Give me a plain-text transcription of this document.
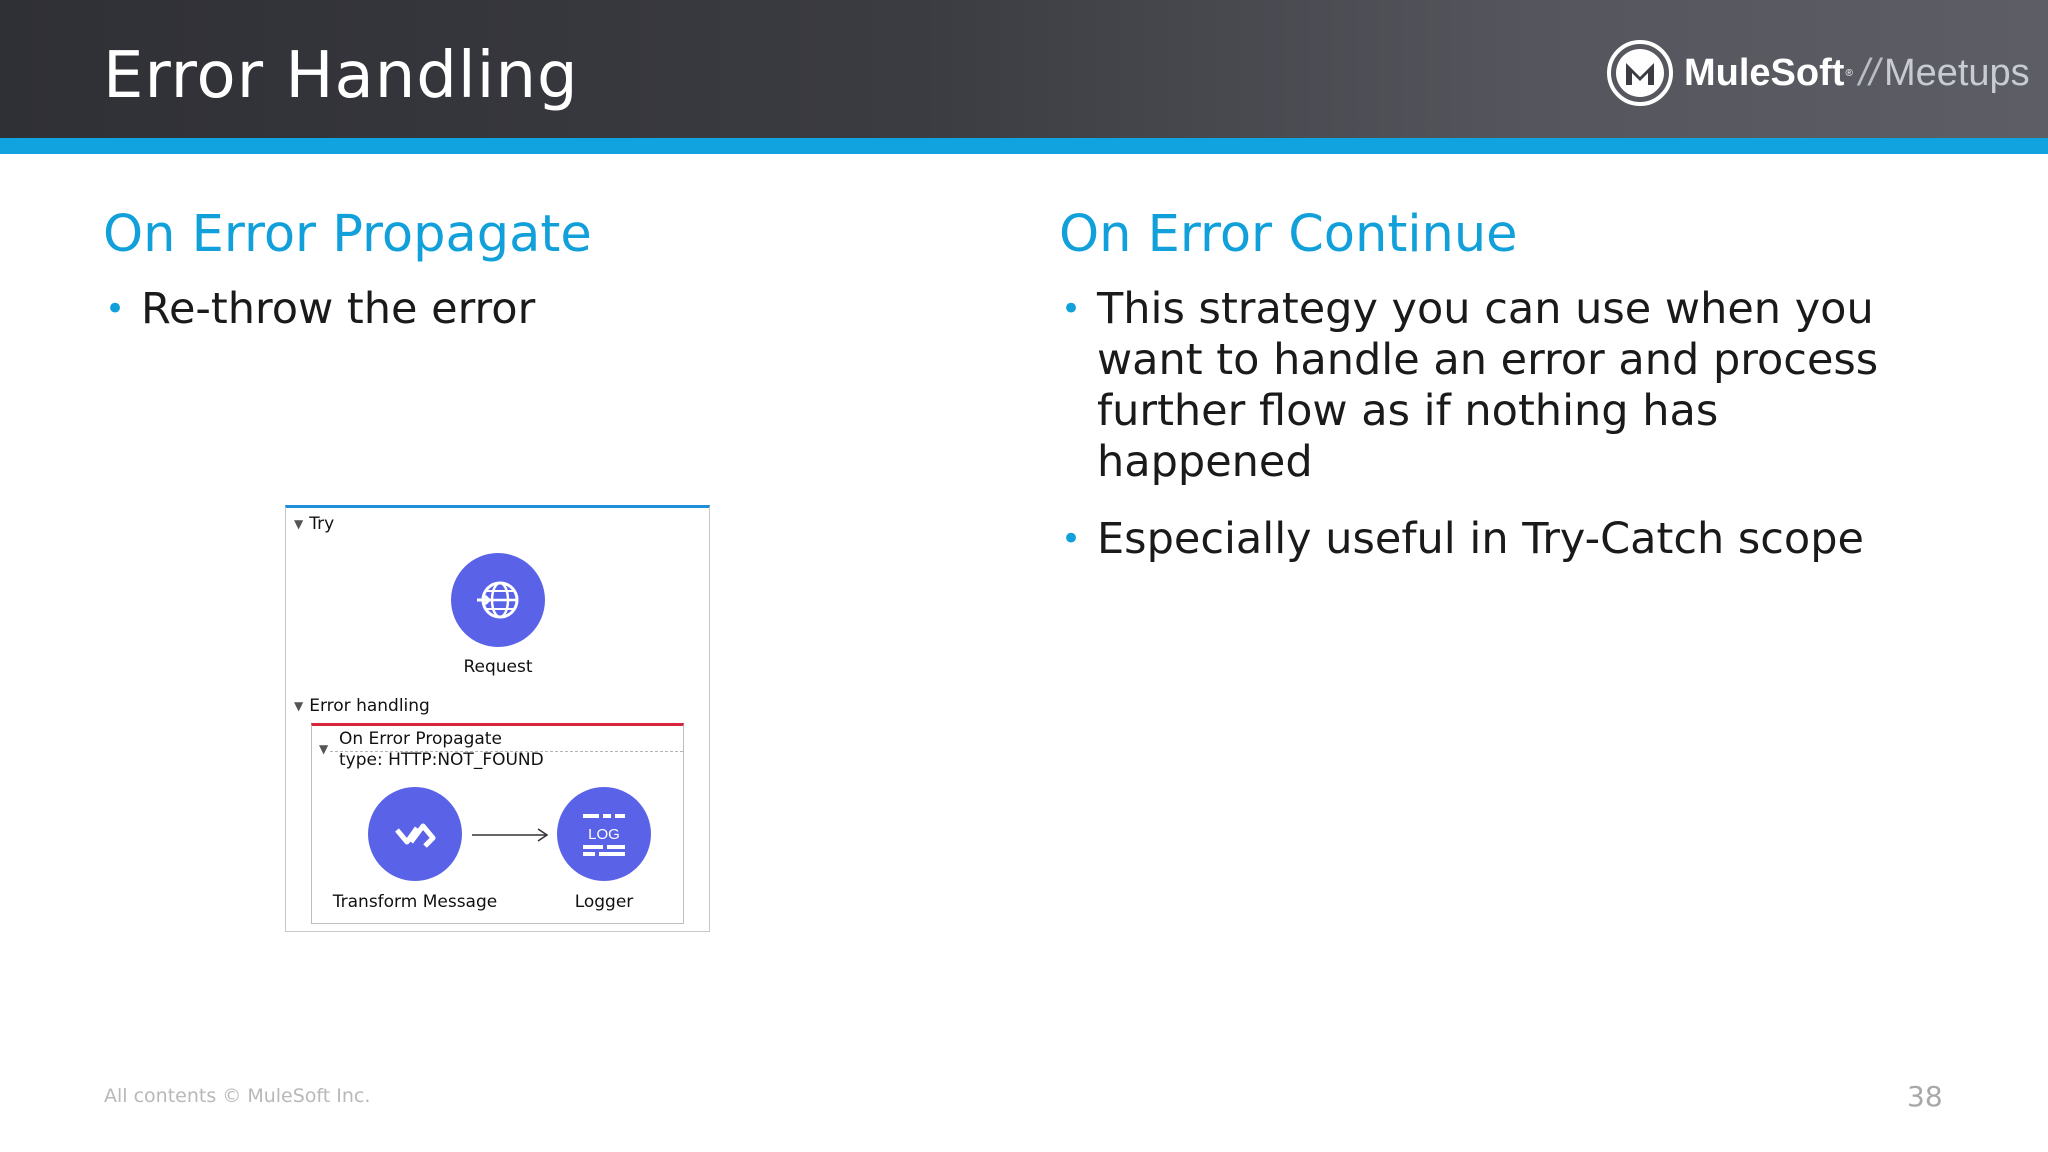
Error Handling	MuleSoft ® // Meetups
On Error Propagate
• Re-throw the error
▼ Try
Request
▼ Error handling
▼ On Error Propagate
type: HTTP:NOT_FOUND
Transform Message
LOG
Logger
On Error Continue
• This strategy you can use when you want to handle an error and process further flow as if nothing has happened
• Especially useful in Try-Catch scope
All contents © MuleSoft Inc.	38
